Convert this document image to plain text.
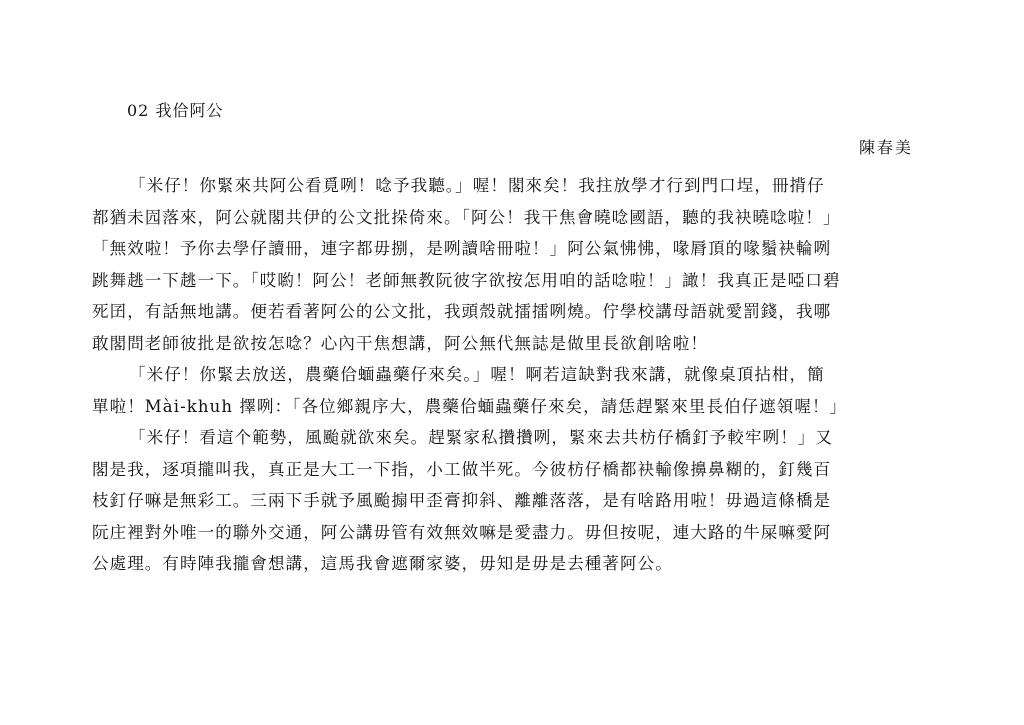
02 我佮阿公
陳春美
「米仔！你緊來共阿公看覓咧！唸予我聽。」喔！閣來矣！我拄放學才行到門口埕，冊揹仔
都猶未囥落來，阿公就閣共伊的公文批挆倚來。「阿公！我干焦會曉唸國語，聽的我袂曉唸啦！」
「無效啦！予你去學仔讀冊，連字都毋捌，是咧讀啥冊啦！」阿公氣怫怫，喙脣頂的喙鬚袂輪咧
跳舞趒一下趒一下。「哎喲！阿公！老師無教阮彼字欲按怎用咱的話唸啦！」譀！我真正是啞口碧
死囝，有話無地講。便若看著阿公的公文批，我頭殼就擂擂咧燒。佇學校講母語就愛罰錢，我哪
敢閣問老師彼批是欲按怎唸？心內干焦想講，阿公無代無誌是做里長欲創啥啦！
「米仔！你緊去放送，農藥佮蝒蟲藥仔來矣。」喔！啊若這缺對我來講，就像桌頂拈柑，簡
單啦！Mài-khuh 擇咧：「各位鄉親序大，農藥佮蝒蟲藥仔來矣，請恁趕緊來里長伯仔遮領喔！」
「米仔！看這个範勢，風颱就欲來矣。趕緊家私攢攢咧，緊來去共枋仔橋釘予較牢咧！」又
閣是我，逐項攏叫我，真正是大工一下指，小工做半死。今彼枋仔橋都袂輸像擤鼻糊的，釘幾百
枝釘仔嘛是無彩工。三兩下手就予風颱搧甲歪膏抑斜、離離落落，是有啥路用啦！毋過這條橋是
阮庄裡對外唯一的聯外交通，阿公講毋管有效無效嘛是愛盡力。毋但按呢，連大路的牛屎嘛愛阿
公處理。有時陣我攏會想講，這馬我會遮爾家婆，毋知是毋是去種著阿公。
